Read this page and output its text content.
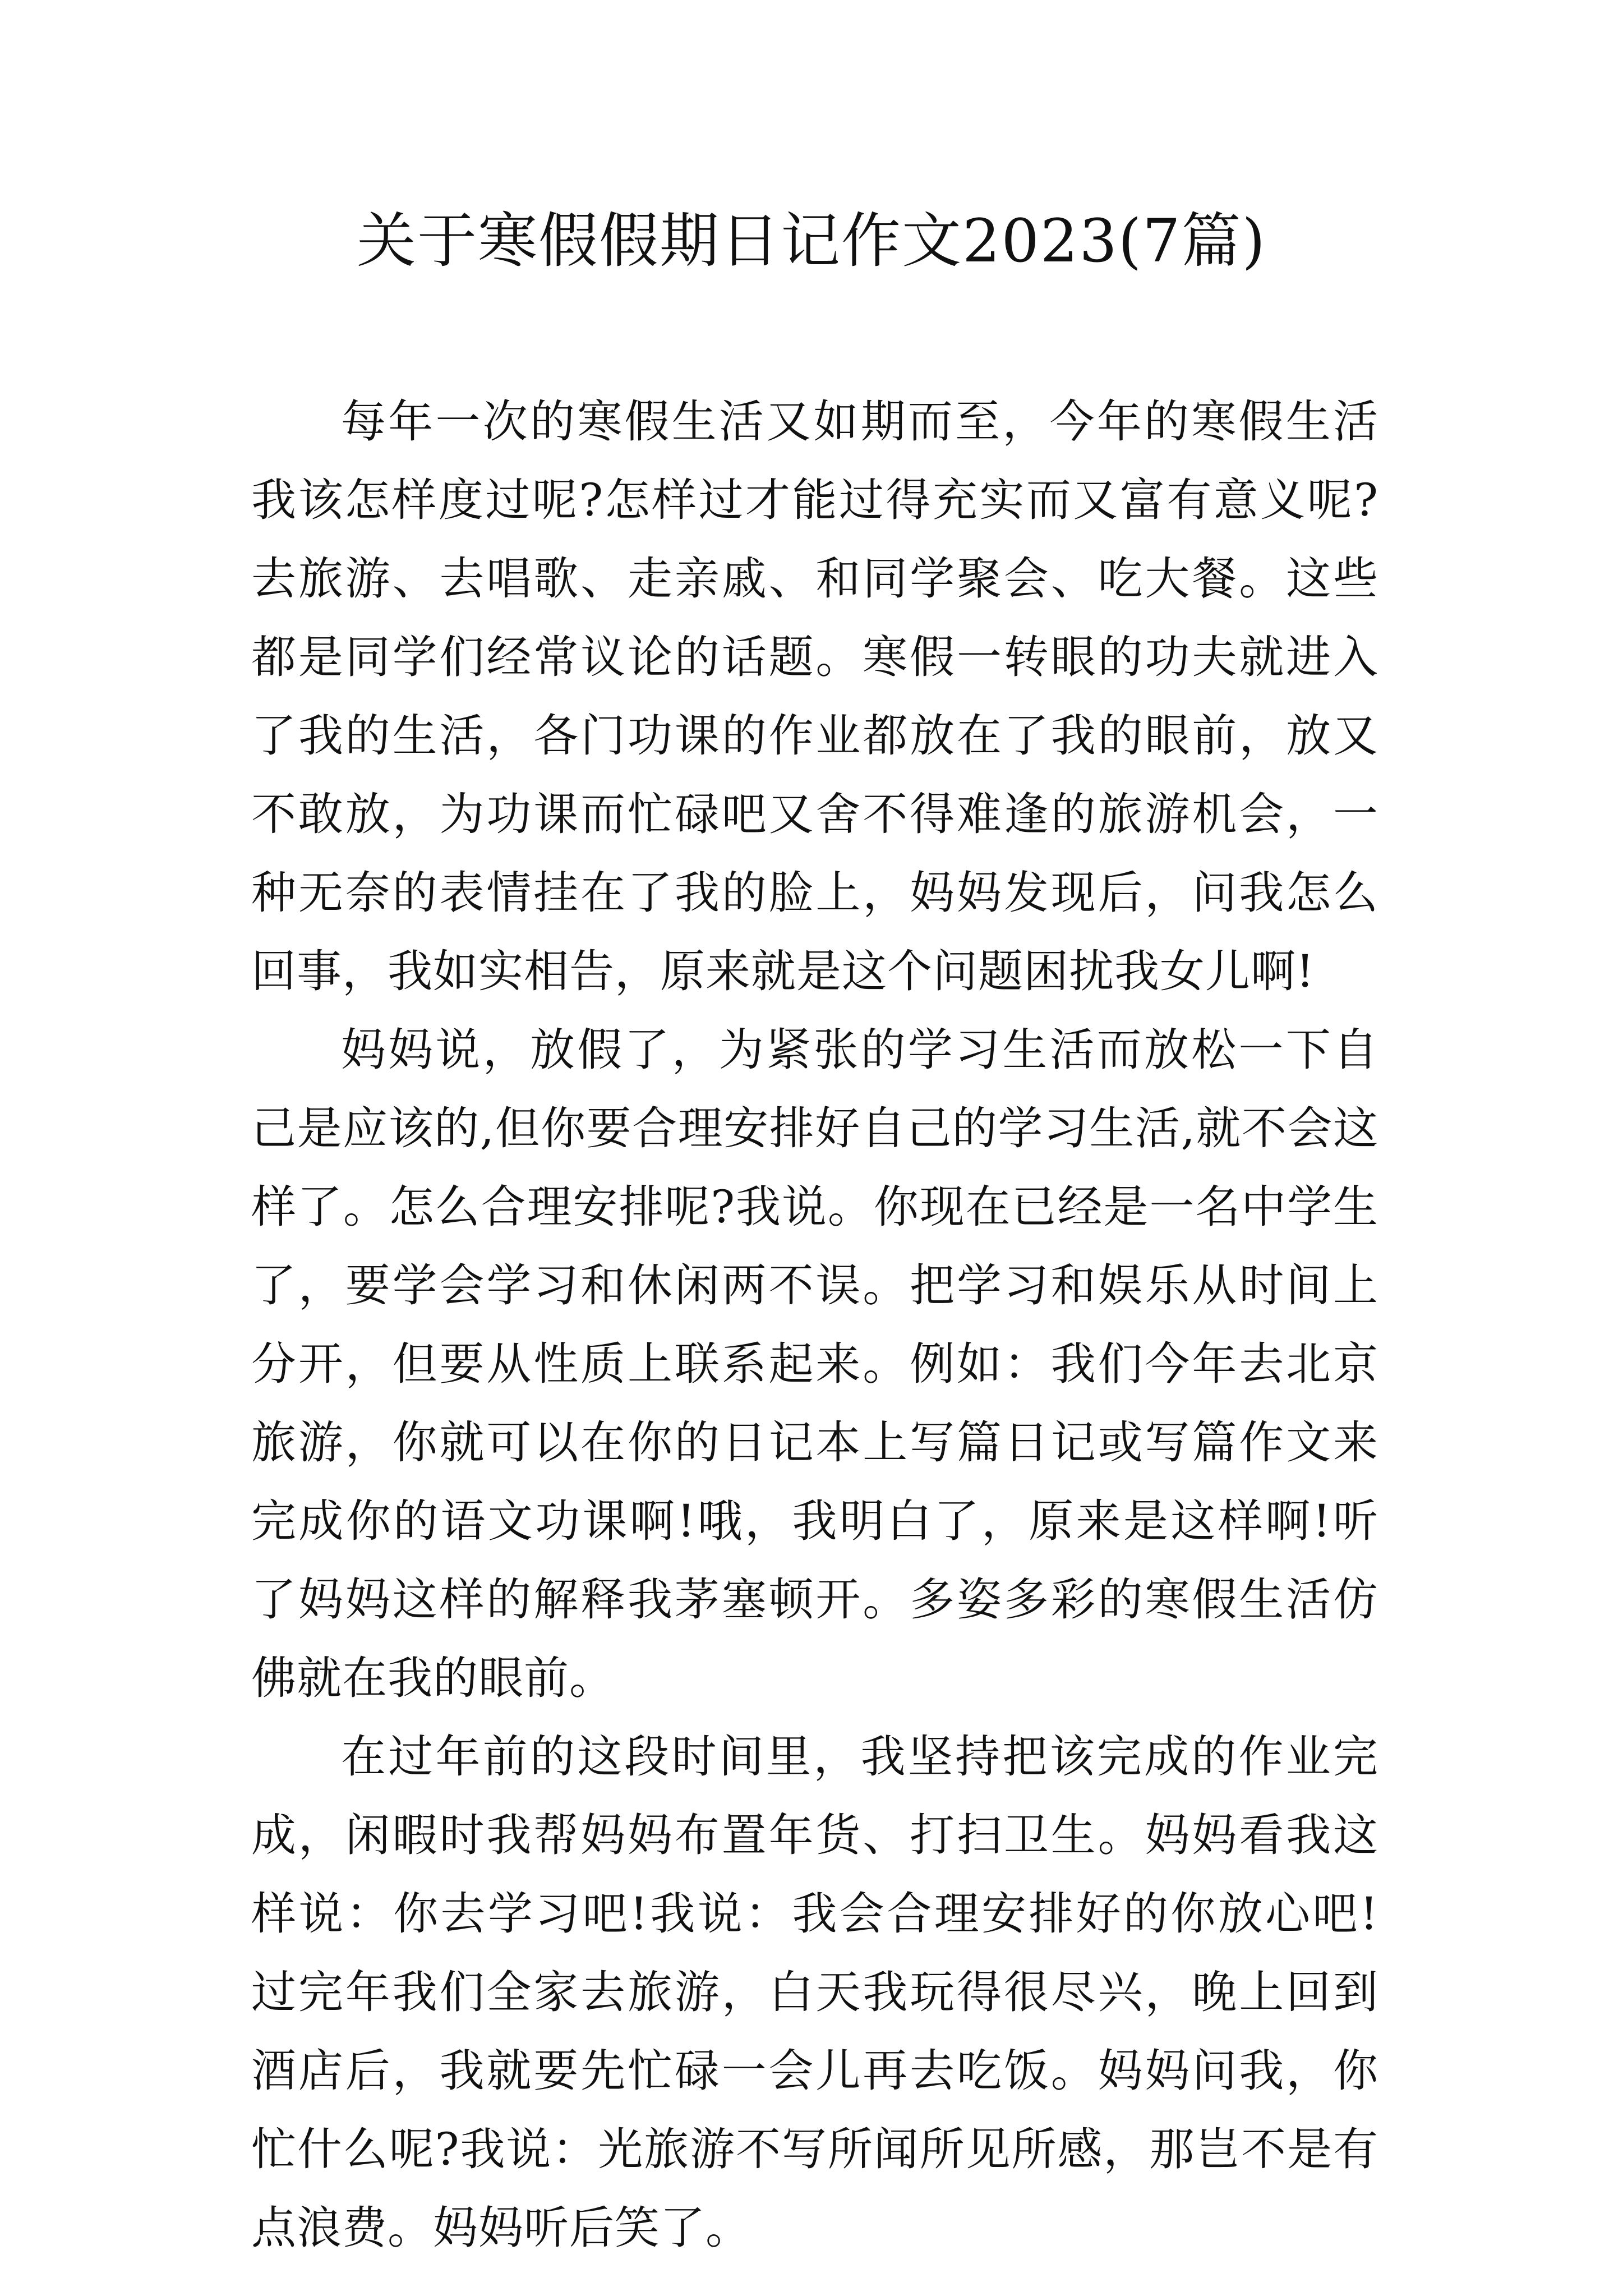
关于寒假假期日记作文2023(7篇)

每年一次的寒假生活又如期而至，今年的寒假生活我该怎样度过呢?怎样过才能过得充实而又富有意义呢?去旅游、去唱歌、走亲戚、和同学聚会、吃大餐。这些都是同学们经常议论的话题。寒假一转眼的功夫就进入了我的生活，各门功课的作业都放在了我的眼前，放又不敢放，为功课而忙碌吧又舍不得难逢的旅游机会，一种无奈的表情挂在了我的脸上，妈妈发现后，问我怎么回事，我如实相告，原来就是这个问题困扰我女儿啊!

妈妈说，放假了，为紧张的学习生活而放松一下自己是应该的,但你要合理安排好自己的学习生活,就不会这样了。怎么合理安排呢?我说。你现在已经是一名中学生了，要学会学习和休闲两不误。把学习和娱乐从时间上分开，但要从性质上联系起来。例如：我们今年去北京旅游，你就可以在你的日记本上写篇日记或写篇作文来完成你的语文功课啊!哦，我明白了，原来是这样啊!听了妈妈这样的解释我茅塞顿开。多姿多彩的寒假生活仿佛就在我的眼前。

在过年前的这段时间里，我坚持把该完成的作业完成，闲暇时我帮妈妈布置年货、打扫卫生。妈妈看我这样说：你去学习吧!我说：我会合理安排好的你放心吧!过完年我们全家去旅游，白天我玩得很尽兴，晚上回到酒店后，我就要先忙碌一会儿再去吃饭。妈妈问我，你忙什么呢?我说：光旅游不写所闻所见所感，那岂不是有点浪费。妈妈听后笑了。
